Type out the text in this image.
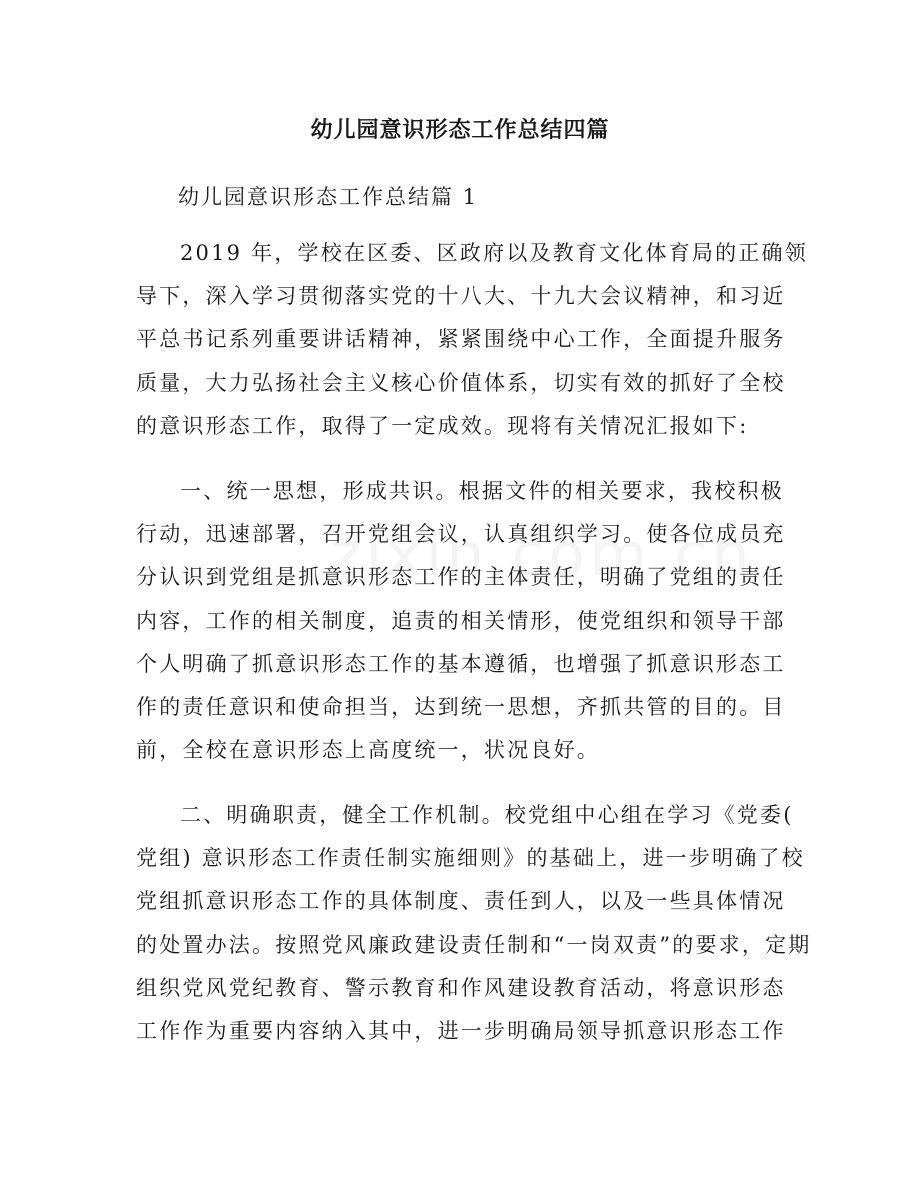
幼儿园意识形态工作总结四篇

幼儿园意识形态工作总结篇 1

2019 年，学校在区委、区政府以及教育文化体育局的正确领
导下，深入学习贯彻落实党的十八大、十九大会议精神，和习近
平总书记系列重要讲话精神，紧紧围绕中心工作，全面提升服务
质量，大力弘扬社会主义核心价值体系，切实有效的抓好了全校
的意识形态工作，取得了一定成效。现将有关情况汇报如下:
一、统一思想，形成共识。根据文件的相关要求，我校积极
行动，迅速部署，召开党组会议，认真组织学习。使各位成员充
分认识到党组是抓意识形态工作的主体责任，明确了党组的责任
内容，工作的相关制度，追责的相关情形，使党组织和领导干部
个人明确了抓意识形态工作的基本遵循，也增强了抓意识形态工
作的责任意识和使命担当，达到统一思想，齐抓共管的目的。目
前，全校在意识形态上高度统一，状况良好。
二、明确职责，健全工作机制。校党组中心组在学习《党委(
党组) 意识形态工作责任制实施细则》的基础上，进一步明确了校
党组抓意识形态工作的具体制度、责任到人，以及一些具体情况
的处置办法。按照党风廉政建设责任制和“一岗双责”的要求，定期
组织党风党纪教育、警示教育和作风建设教育活动，将意识形态
工作作为重要内容纳入其中，进一步明确局领导抓意识形态工作
